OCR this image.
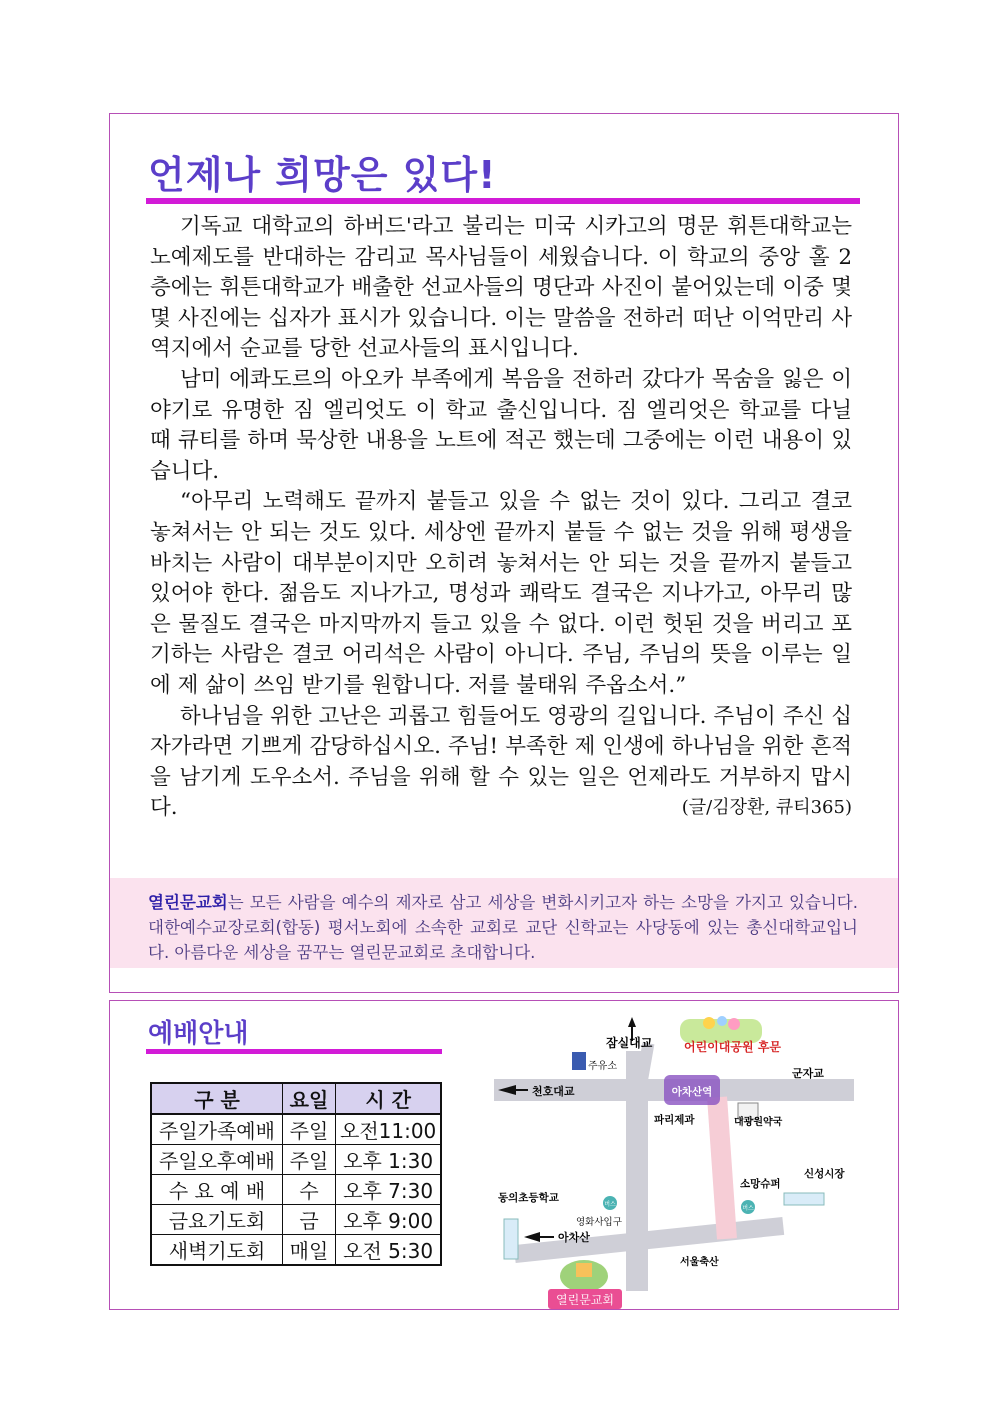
언제나 희망은 있다!

기독교 대학교의 하버드'라고 불리는 미국 시카고의 명문 휘튼대학교는 노예제도를 반대하는 감리교 목사님들이 세웠습니다. 이 학교의 중앙 홀 2층에는 휘튼대학교가 배출한 선교사들의 명단과 사진이 붙어있는데 이중 몇몇 사진에는 십자가 표시가 있습니다. 이는 말씀을 전하러 떠난 이억만리 사역지에서 순교를 당한 선교사들의 표시입니다.

남미 에콰도르의 아오카 부족에게 복음을 전하러 갔다가 목숨을 잃은 이야기로 유명한 짐 엘리엇도 이 학교 출신입니다. 짐 엘리엇은 학교를 다닐 때 큐티를 하며 묵상한 내용을 노트에 적곤 했는데 그중에는 이런 내용이 있습니다.

“아무리 노력해도 끝까지 붙들고 있을 수 없는 것이 있다. 그리고 결코 놓쳐서는 안 되는 것도 있다. 세상엔 끝까지 붙들 수 없는 것을 위해 평생을 바치는 사람이 대부분이지만 오히려 놓쳐서는 안 되는 것을 끝까지 붙들고 있어야 한다. 젊음도 지나가고, 명성과 쾌락도 결국은 지나가고, 아무리 많은 물질도 결국은 마지막까지 들고 있을 수 없다. 이런 헛된 것을 버리고 포기하는 사람은 결코 어리석은 사람이 아니다. 주님, 주님의 뜻을 이루는 일에 제 삶이 쓰임 받기를 원합니다. 저를 불태워 주옵소서.”

하나님을 위한 고난은 괴롭고 힘들어도 영광의 길입니다. 주님이 주신 십자가라면 기쁘게 감당하십시오. 주님! 부족한 제 인생에 하나님을 위한 흔적을 남기게 도우소서. 주님을 위해 할 수 있는 일은 언제라도 거부하지 맙시다.	(글/김장환, 큐티365)
열린문교회는 모든 사람을 예수의 제자로 삼고 세상을 변화시키고자 하는 소망을 가지고 있습니다. 대한예수교장로회(합동) 평서노회에 소속한 교회로 교단 신학교는 사당동에 있는 총신대학교입니다. 아름다운 세상을 꿈꾸는 열린문교회로 초대합니다.
예배안내
구 분	요일	시 간
주일가족예배	주일	오전11:00
주일오후예배	주일	오후 1:30
수 요 예 배	수	오후 7:30
금요기도회	금	오후 9:00
새벽기도회	매일	오전 5:30
아차산역
버스
버스
잠실대교	어린이대공원 후문
주유소
천호대교
군자교
파리제과	대광원약국
소망슈퍼
신성시장
동의초등학교
영화사입구
아차산
서울축산
열린문교회
